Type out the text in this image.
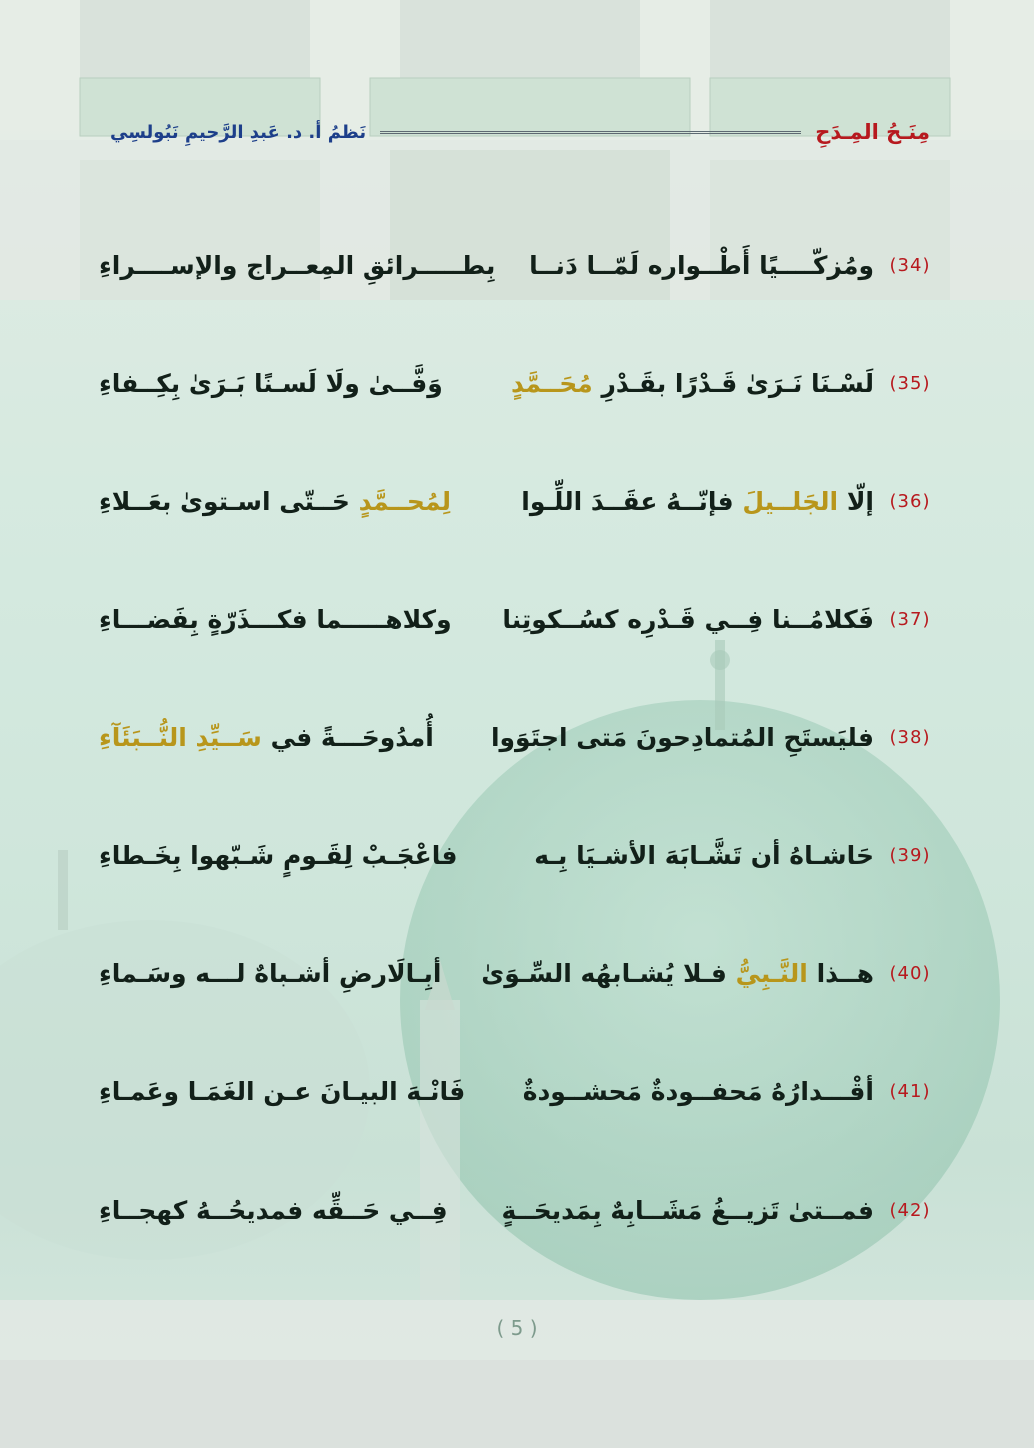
مِنَـحُ المِـدَحِ
نَظمُ أ. د. عَبدِ الرَّحيمِ نَبُولسِي
(34)
ومُزكّــــيًا أَطْــواره لَمّــا دَنــا
بِطـــــرائقِ المِعــراج والإســــراءِ
(35)
لَسْـنَا نَـرَىٰ قَـدْرًا بقَـدْرِ مُحَــمَّدٍ
وَفَّــىٰ ولَا لَسـنًا بَـرَىٰ بِكِــفاءِ
(36)
إلّا الجَلــيلَ فإنّــهُ عقَــدَ اللِّـوا
لِمُحــمَّدٍ حَــتّى اسـتوىٰ بعَــلاءِ
(37)
فَكلامُــنا فِــي قَـدْرِه كسُــكوتِنا
وكلاهـــــما فكـــذَرّةٍ بِفَضـــاءِ
(38)
فليَستَحِ المُتمادِحونَ مَتى اجتَوَوا
أُمدُوحَـــةً في سَــيِّدِ النُّــبَئَآءِ
(39)
حَاشـاهُ أن تَشَّـابَهَ الأشـيَا بِـه
فاعْجَـبْ لِقَـومٍ شَـبّهوا بِخَـطاءِ
(40)
هــذا النَّـبِيُّ فـلا يُشـابهُه السِّـوَىٰ
أبِـالَارضِ أشـباهٌ لـــه وسَـماءِ
(41)
أقْـــدارُهُ مَحفــودةٌ مَحشــودةٌ
فَانْـهَ البيـانَ عـن الغَمَـا وعَمـاءِ
(42)
فمــتىٰ تَزيــغُ مَشَــابِهٌ بِمَديحَــةٍ
فِــي حَــقِّه فمديحُــهُ كهجــاءِ
( 5 )
